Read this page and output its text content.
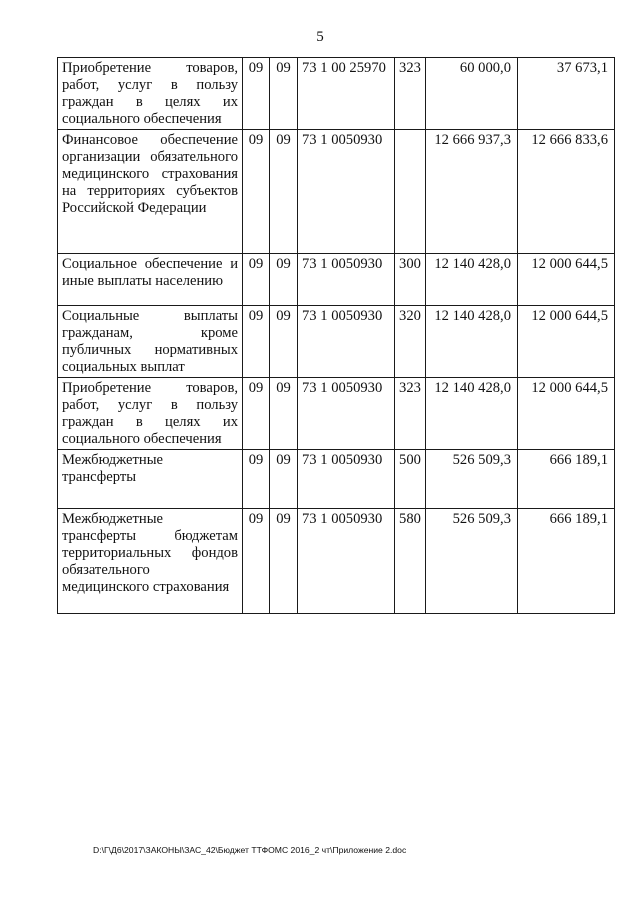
5
Приобретение товаров, работ, услуг в пользу граждан в целях их социального обеспечения	09	09	73 1 00 25970	323	60 000,0	37 673,1
Финансовое обеспечение организации обязательного медицинского страхования на территориях субъектов Российской Федерации	09	09	73 1 0050930		12 666 937,3	12 666 833,6
Социальное обеспечение и иные выплаты населению	09	09	73 1 0050930	300	12 140 428,0	12 000 644,5
Социальные выплаты гражданам, кроме публичных нормативных социальных выплат	09	09	73 1 0050930	320	12 140 428,0	12 000 644,5
Приобретение товаров, работ, услуг в пользу граждан в целях их социального обеспечения	09	09	73 1 0050930	323	12 140 428,0	12 000 644,5
Межбюджетные трансферты	09	09	73 1 0050930	500	526 509,3	666 189,1
Межбюджетные трансферты бюджетам территориальных фондов обязательного медицинского страхования	09	09	73 1 0050930	580	526 509,3	666 189,1
D:\Г\Д6\2017\ЗАКОНЫ\ЗАС_42\Бюджет ТТФОМС 2016_2 чт\Приложение 2.doc
